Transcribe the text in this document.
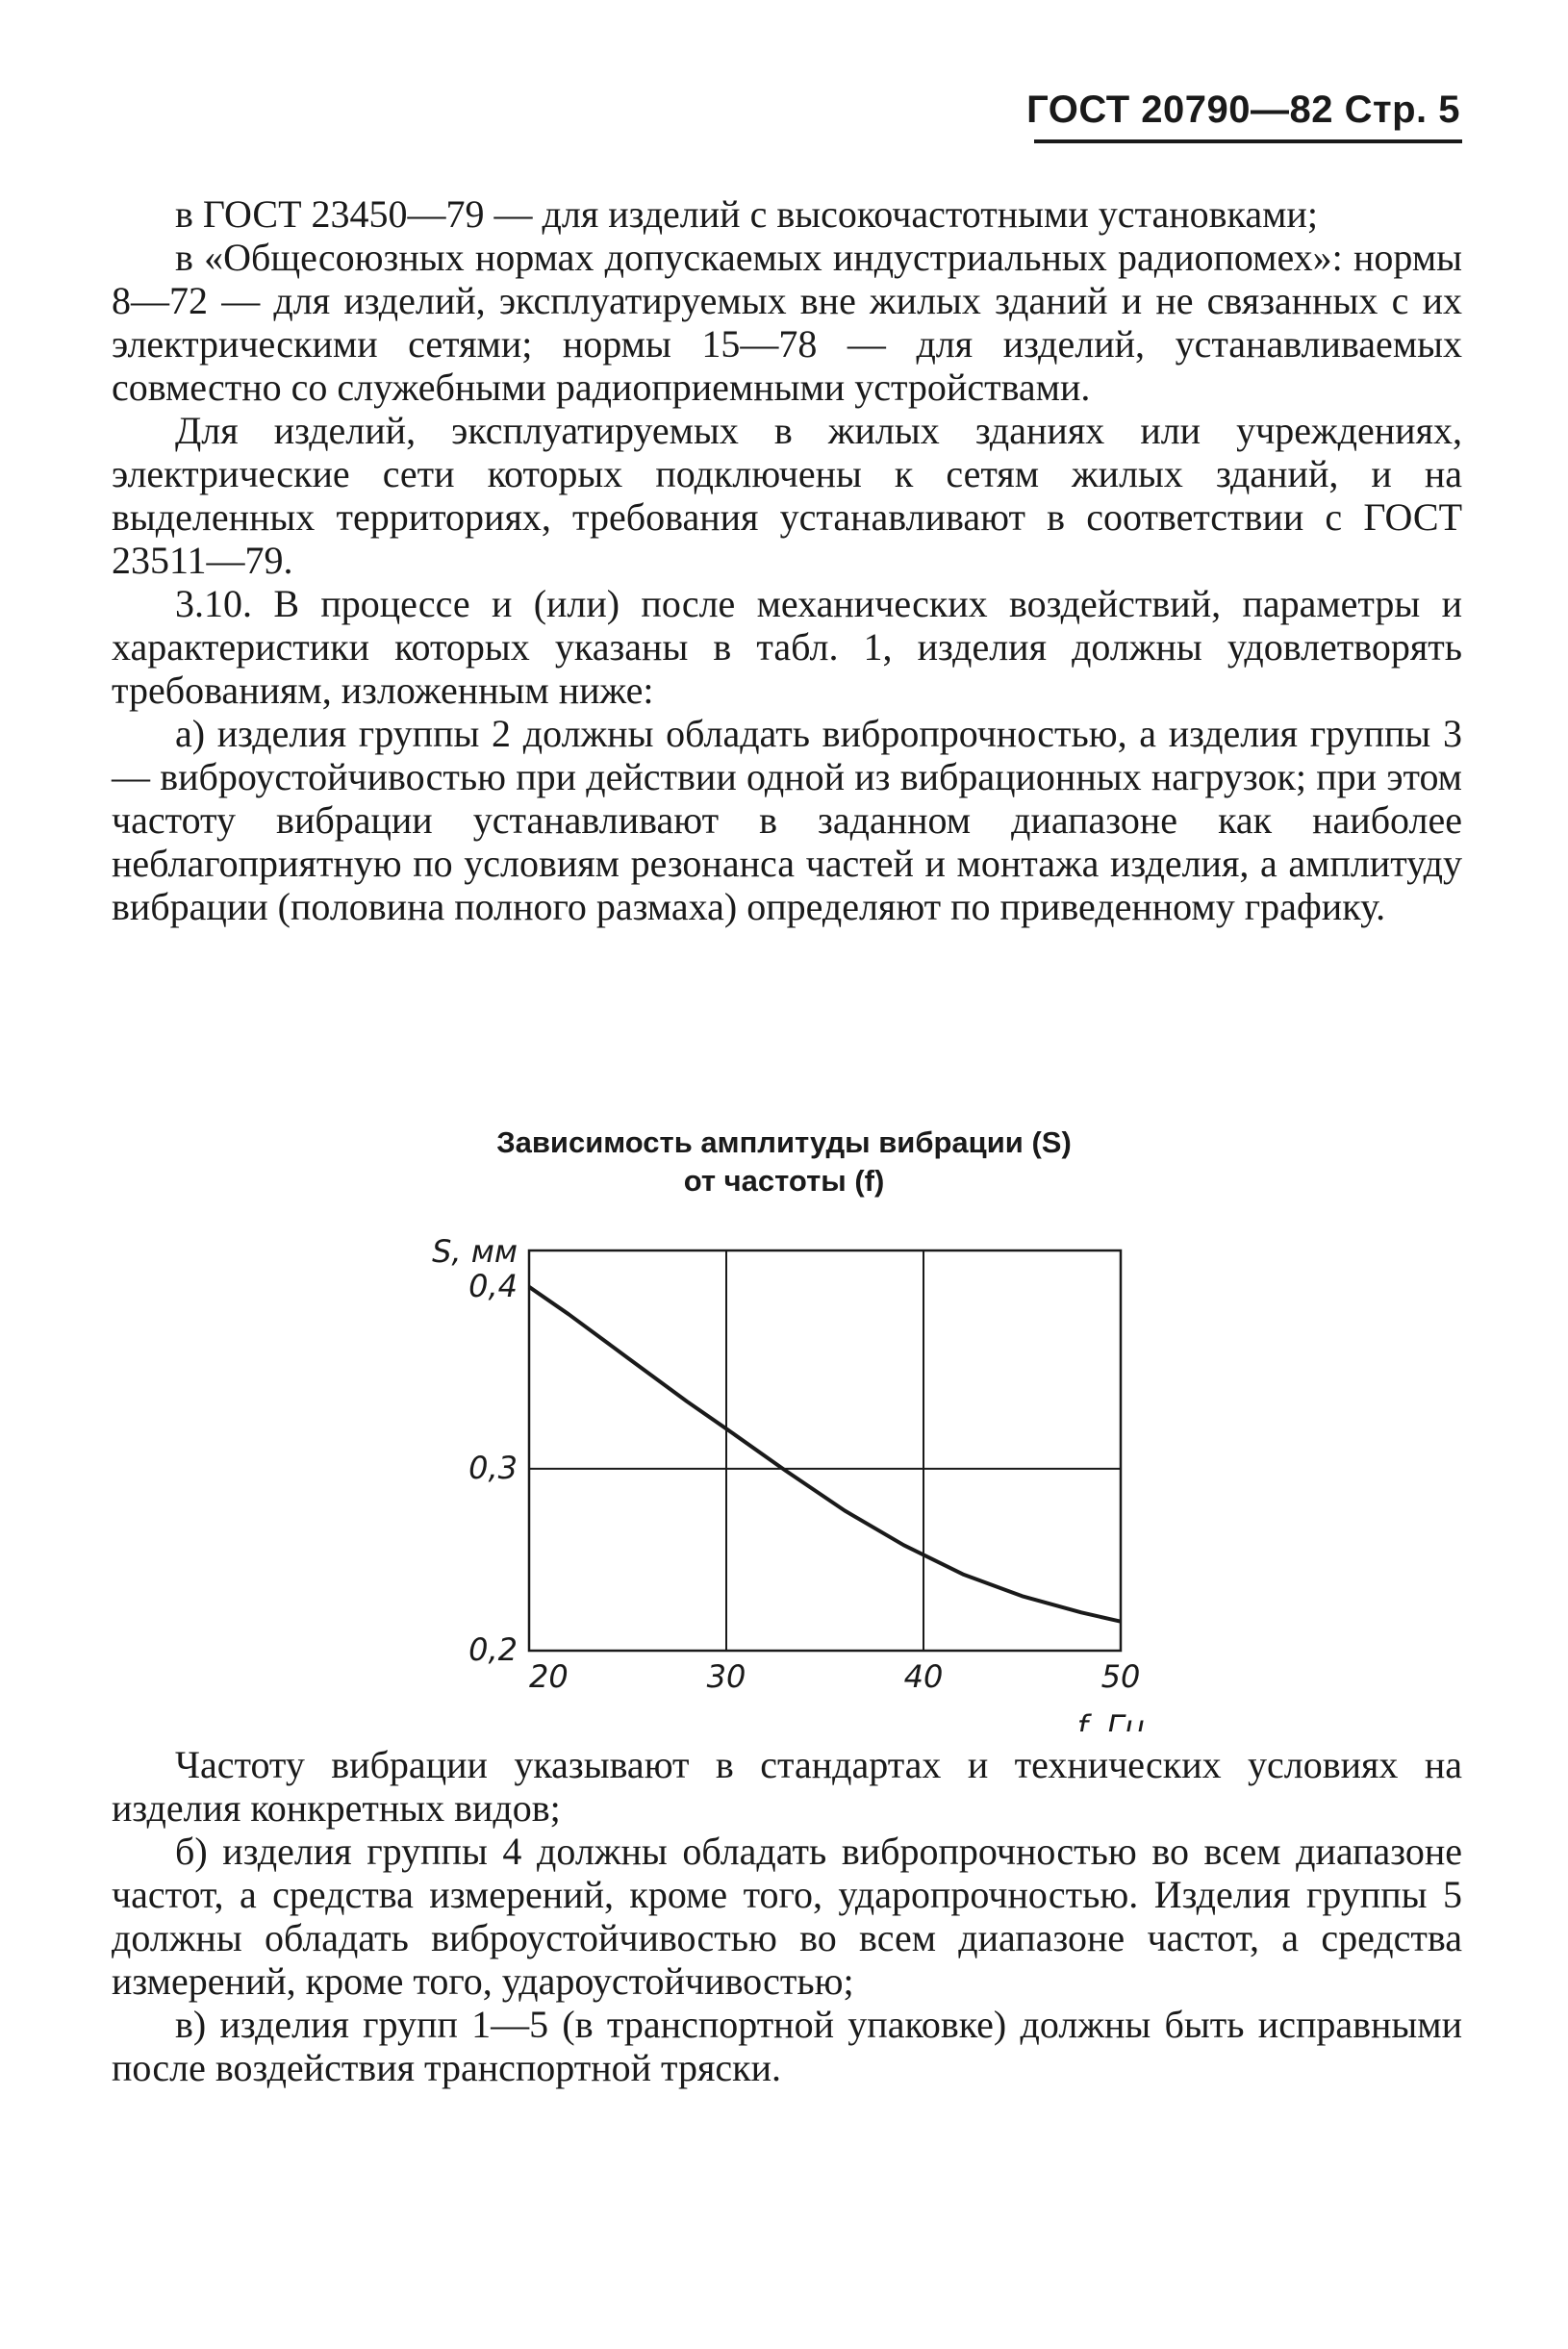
ГОСТ 20790—82 Стр. 5

в ГОСТ 23450—79 — для изделий с высокочастотными установками;

в «Общесоюзных нормах допускаемых индустриальных радиопомех»: нормы 8—72 — для изделий, эксплуатируемых вне жилых зданий и не связанных с их электрическими сетями; нормы 15—78 — для изделий, устанавливаемых совместно со служебными радиоприемными устройствами.

Для изделий, эксплуатируемых в жилых зданиях или учреждениях, электрические сети которых подключены к сетям жилых зданий, и на выделенных территориях, требования устанавливают в соответствии с ГОСТ 23511—79.

3.10. В процессе и (или) после механических воздействий, параметры и характеристики которых указаны в табл. 1, изделия должны удовлетворять требованиям, изложенным ниже:

а) изделия группы 2 должны обладать вибропрочностью, а изделия группы 3 — виброустойчивостью при действии одной из вибрационных нагрузок; при этом частоту вибрации устанавливают в заданном диапазоне как наиболее неблагоприятную по условиям резонанса частей и монтажа изделия, а амплитуду вибрации (половина полного размаха) определяют по приведенному графику.

Зависимость амплитуды вибрации (S)
от частоты (f)
20	30	40	50
0,2
0,3
0,4
S, мм
f, Гц

Частоту вибрации указывают в стандартах и технических условиях на изделия конкретных видов;

б) изделия группы 4 должны обладать вибропрочностью во всем диапазоне частот, а средства измерений, кроме того, ударопрочностью. Изделия группы 5 должны обладать виброустойчивостью во всем диапазоне частот, а средства измерений, кроме того, удароустойчивостью;

в) изделия групп 1—5 (в транспортной упаковке) должны быть исправными после воздействия транспортной тряски.
